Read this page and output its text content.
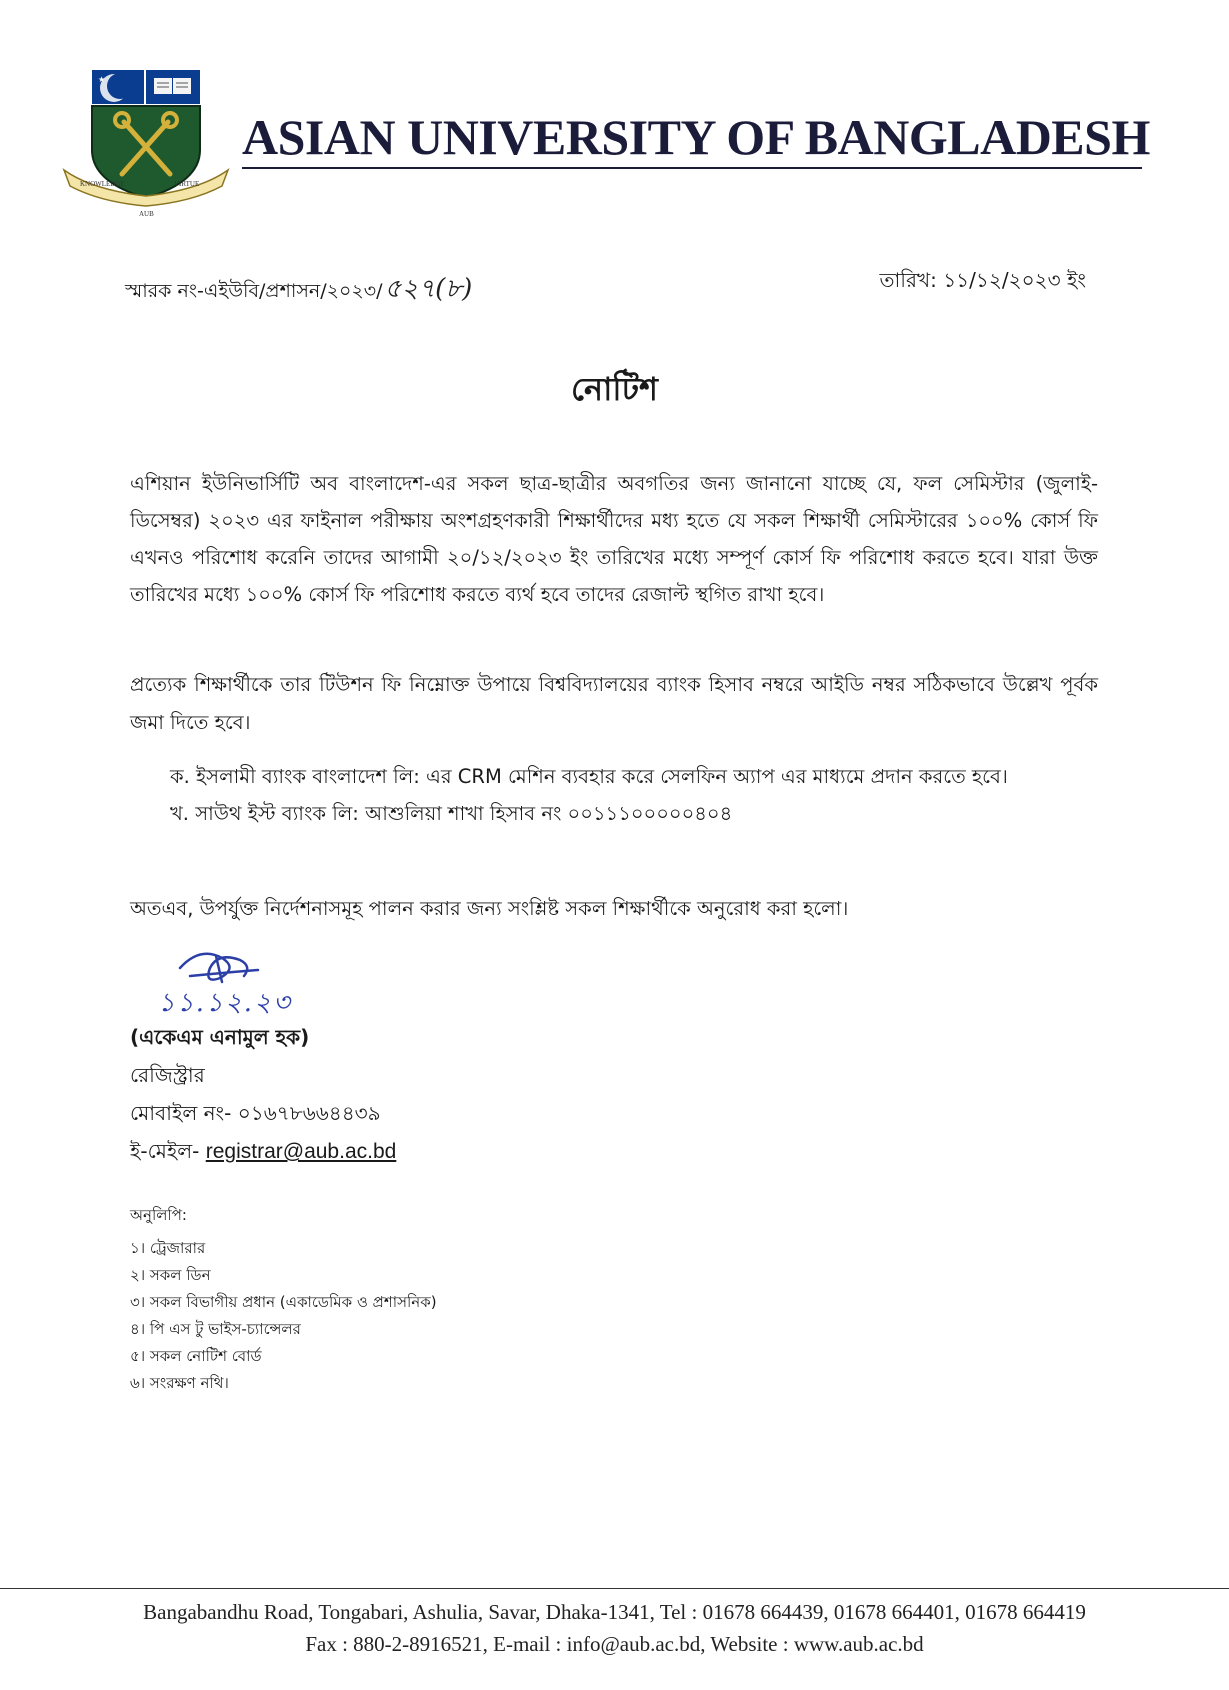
★
KNOWLEDGE	VIRTUE
AUB
ASIAN UNIVERSITY OF BANGLADESH
স্মারক নং-এইউবি/প্রশাসন/২০২৩/৫২৭(৮)	তারিখ: ১১/১২/২০২৩ ইং
নোটিশ
এশিয়ান ইউনিভার্সিটি অব বাংলাদেশ-এর সকল ছাত্র-ছাত্রীর অবগতির জন্য জানানো যাচ্ছে যে, ফল সেমিস্টার (জুলাই-ডিসেম্বর) ২০২৩ এর ফাইনাল পরীক্ষায় অংশগ্রহণকারী শিক্ষার্থীদের মধ্য হতে যে সকল শিক্ষার্থী সেমিস্টারের ১০০% কোর্স ফি এখনও পরিশোধ করেনি তাদের আগামী ২০/১২/২০২৩ ইং তারিখের মধ্যে সম্পূর্ণ কোর্স ফি পরিশোধ করতে হবে। যারা উক্ত তারিখের মধ্যে ১০০% কোর্স ফি পরিশোধ করতে ব্যর্থ হবে তাদের রেজাল্ট স্থগিত রাখা হবে।
প্রত্যেক শিক্ষার্থীকে তার টিউশন ফি নিম্নোক্ত উপায়ে বিশ্ববিদ্যালয়ের ব্যাংক হিসাব নম্বরে আইডি নম্বর সঠিকভাবে উল্লেখ পূর্বক জমা দিতে হবে।
ক. ইসলামী ব্যাংক বাংলাদেশ লি: এর CRM মেশিন ব্যবহার করে সেলফিন অ্যাপ এর মাধ্যমে প্রদান করতে হবে।
খ. সাউথ ইস্ট ব্যাংক লি: আশুলিয়া শাখা হিসাব নং ০০১১১০০০০০৪০৪
অতএব, উপর্যুক্ত নির্দেশনাসমূহ পালন করার জন্য সংশ্লিষ্ট সকল শিক্ষার্থীকে অনুরোধ করা হলো।
১১.১২.২৩
(একেএম এনামুল হক)
রেজিস্ট্রার
মোবাইল নং- ০১৬৭৮৬৬৪৪৩৯
ই-মেইল- registrar@aub.ac.bd
অনুলিপি:
১। ট্রেজারার
২। সকল ডিন
৩। সকল বিভাগীয় প্রধান (একাডেমিক ও প্রশাসনিক)
৪। পি এস টু ভাইস-চ্যান্সেলর
৫। সকল নোটিশ বোর্ড
৬। সংরক্ষণ নথি।
Bangabandhu Road, Tongabari, Ashulia, Savar, Dhaka-1341, Tel : 01678 664439, 01678 664401, 01678 664419
Fax : 880-2-8916521, E-mail : info@aub.ac.bd, Website : www.aub.ac.bd
